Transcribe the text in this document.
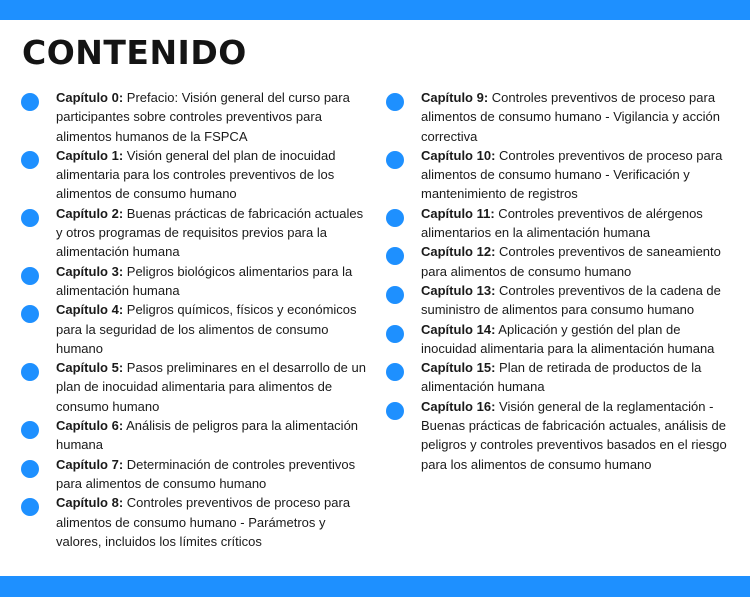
CONTENIDO
Capítulo 0: Prefacio: Visión general del curso para participantes sobre controles preventivos para alimentos humanos de la FSPCA
Capítulo 1: Visión general del plan de inocuidad alimentaria para los controles preventivos de los alimentos de consumo humano
Capítulo 2: Buenas prácticas de fabricación actuales y otros programas de requisitos previos para la alimentación humana
Capítulo 3: Peligros biológicos alimentarios para la alimentación humana
Capítulo 4: Peligros químicos, físicos y económicos para la seguridad de los alimentos de consumo humano
Capítulo 5: Pasos preliminares en el desarrollo de un plan de inocuidad alimentaria para alimentos de consumo humano
Capítulo 6: Análisis de peligros para la alimentación humana
Capítulo 7: Determinación de controles preventivos para alimentos de consumo humano
Capítulo 8: Controles preventivos de proceso para alimentos de consumo humano - Parámetros y valores, incluidos los límites críticos
Capítulo 9: Controles preventivos de proceso para alimentos de consumo humano - Vigilancia y acción correctiva
Capítulo 10: Controles preventivos de proceso para alimentos de consumo humano - Verificación y mantenimiento de registros
Capítulo 11: Controles preventivos de alérgenos alimentarios en la alimentación humana
Capítulo 12: Controles preventivos de saneamiento para alimentos de consumo humano
Capítulo 13: Controles preventivos de la cadena de suministro de alimentos para consumo humano
Capítulo 14: Aplicación y gestión del plan de inocuidad alimentaria para la alimentación humana
Capítulo 15: Plan de retirada de productos de la alimentación humana
Capítulo 16: Visión general de la reglamentación - Buenas prácticas de fabricación actuales, análisis de peligros y controles preventivos basados en el riesgo para los alimentos de consumo humano
